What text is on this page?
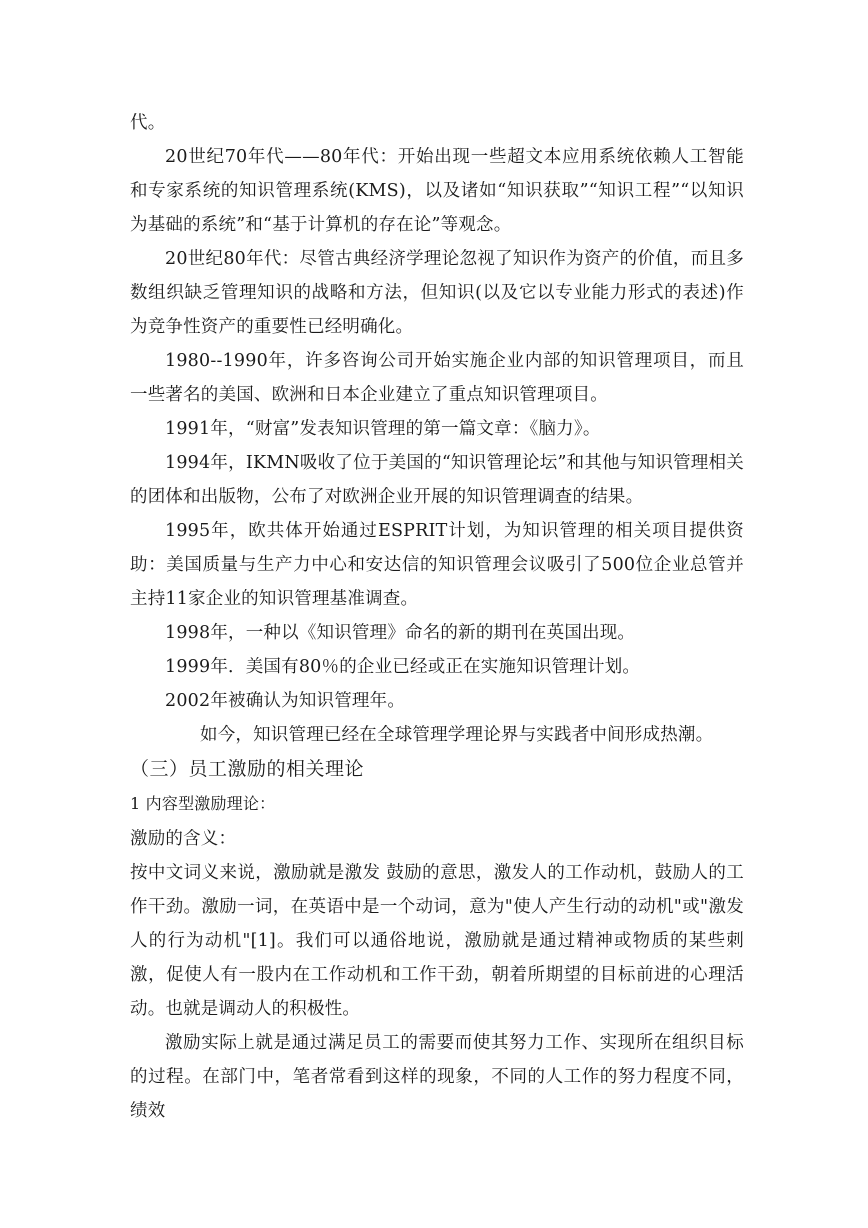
代。

20世纪70年代——80年代：开始出现一些超文本应用系统依赖人工智能和专家系统的知识管理系统(KMS)，以及诸如“知识获取”“知识工程”“以知识为基础的系统”和“基于计算机的存在论”等观念。

20世纪80年代：尽管古典经济学理论忽视了知识作为资产的价值，而且多数组织缺乏管理知识的战略和方法，但知识(以及它以专业能力形式的表述)作为竞争性资产的重要性已经明确化。

1980--1990年，许多咨询公司开始实施企业内部的知识管理项目，而且一些著名的美国、欧洲和日本企业建立了重点知识管理项目。

1991年，“财富”发表知识管理的第一篇文章：《脑力》。

1994年，IKMN吸收了位于美国的“知识管理论坛”和其他与知识管理相关的团体和出版物，公布了对欧洲企业开展的知识管理调查的结果。

1995年，欧共体开始通过ESPRIT计划，为知识管理的相关项目提供资助：美国质量与生产力中心和安达信的知识管理会议吸引了500位企业总管并主持11家企业的知识管理基准调查。

1998年，一种以《知识管理》命名的新的期刊在英国出现。

1999年．美国有80％的企业已经或正在实施知识管理计划。

2002年被确认为知识管理年。

如今，知识管理已经在全球管理学理论界与实践者中间形成热潮。

（三）员工激励的相关理论

1 内容型激励理论：

激励的含义：

按中文词义来说，激励就是激发 鼓励的意思，激发人的工作动机，鼓励人的工作干劲。激励一词，在英语中是一个动词，意为"使人产生行动的动机"或"激发人的行为动机"[1]。我们可以通俗地说，激励就是通过精神或物质的某些刺激，促使人有一股内在工作动机和工作干劲，朝着所期望的目标前进的心理活动。也就是调动人的积极性。

激励实际上就是通过满足员工的需要而使其努力工作、实现所在组织目标的过程。在部门中，笔者常看到这样的现象，不同的人工作的努力程度不同，绩效
